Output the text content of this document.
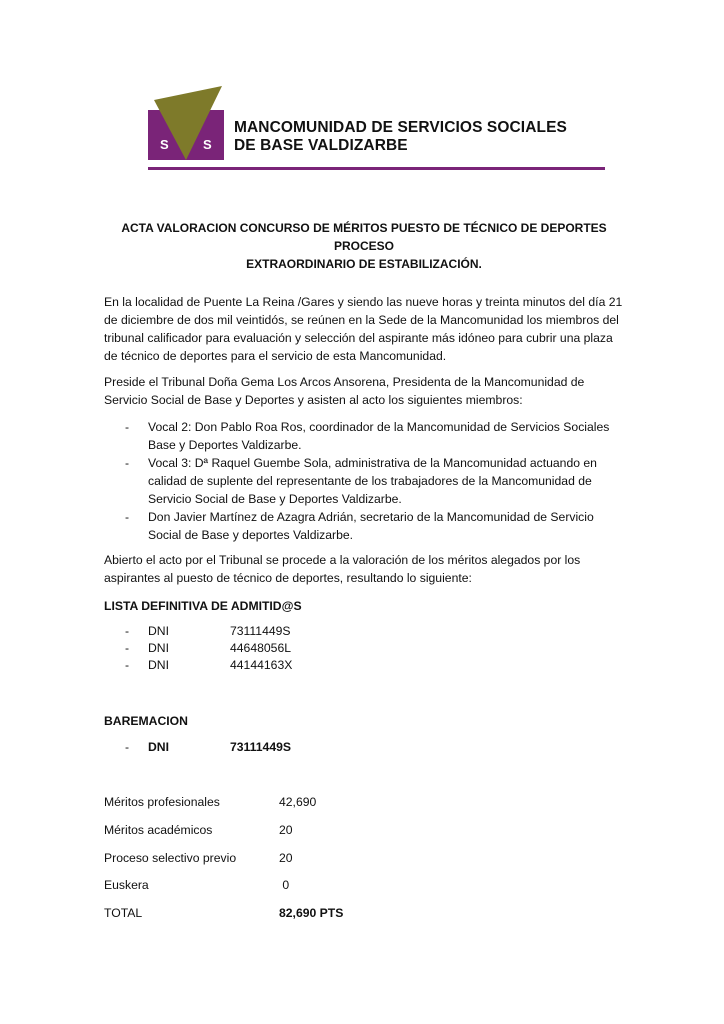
S	S
MANCOMUNIDAD DE SERVICIOS SOCIALES
DE BASE VALDIZARBE
ACTA VALORACION CONCURSO DE MÉRITOS PUESTO DE TÉCNICO DE DEPORTES PROCESO
EXTRAORDINARIO DE ESTABILIZACIÓN.

En la localidad de Puente La Reina /Gares y siendo las nueve horas y treinta minutos del día 21 de diciembre de dos mil veintidós, se reúnen en la Sede de la Mancomunidad los miembros del tribunal calificador para evaluación y selección del aspirante más idóneo para cubrir una plaza de técnico de deportes para el servicio de esta Mancomunidad.

Preside el Tribunal Doña Gema Los Arcos Ansorena, Presidenta de la Mancomunidad de Servicio Social de Base y Deportes y asisten al acto los siguientes miembros:

- Vocal 2: Don Pablo Roa Ros, coordinador de la Mancomunidad de Servicios Sociales Base y Deportes Valdizarbe.
- Vocal 3: Dª Raquel Guembe Sola, administrativa de la Mancomunidad actuando en calidad de suplente del representante de los trabajadores de la Mancomunidad de Servicio Social de Base y Deportes Valdizarbe.
- Don Javier Martínez de Azagra Adrián, secretario de la Mancomunidad de Servicio Social de Base y deportes Valdizarbe.

Abierto el acto por el Tribunal se procede a la valoración de los méritos alegados por los aspirantes al puesto de técnico de deportes, resultando lo siguiente:

LISTA DEFINITIVA DE ADMITID@S
- DNI	73111449S
- DNI	44648056L
- DNI	44144163X
BAREMACION
- DNI	73111449S
Méritos profesionales	42,690
Méritos académicos	20
Proceso selectivo previo	20
Euskera	0
TOTAL	82,690 PTS
